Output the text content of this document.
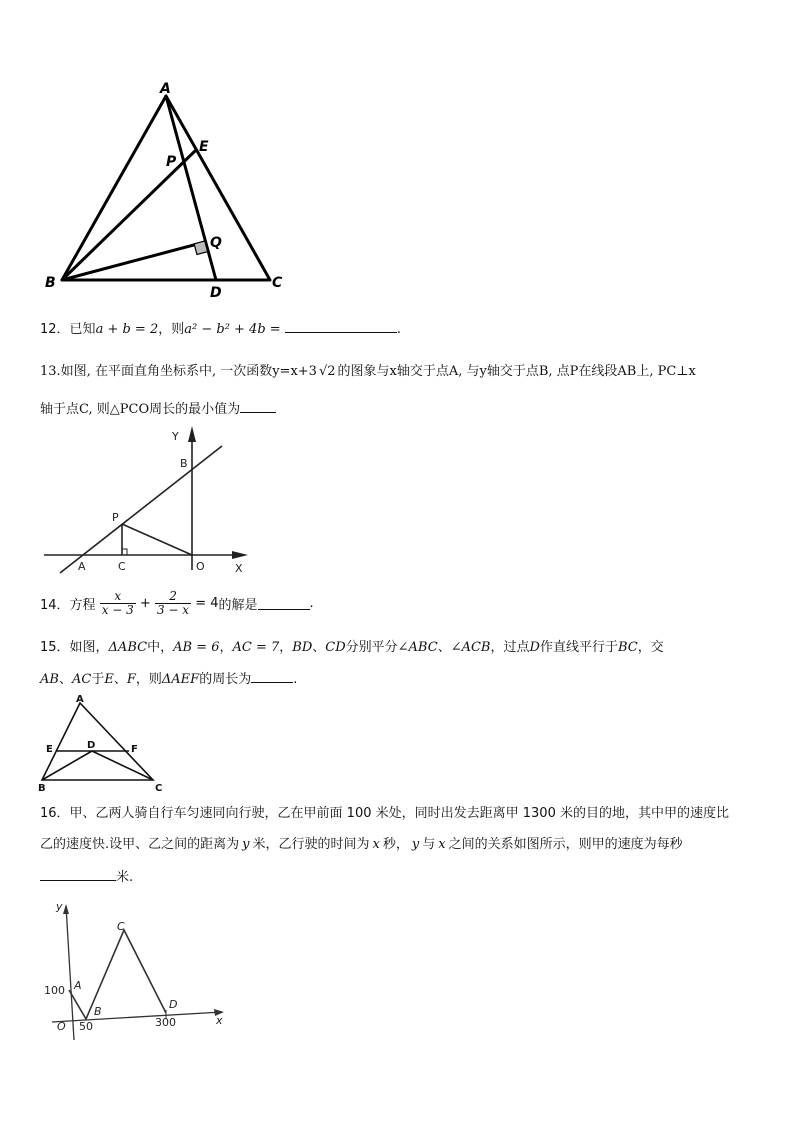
A
P
E
Q
B
D
C
12．已知a + b = 2，则a² − b² + 4b =	.
13.如图, 在平面直角坐标系中, 一次函数y=x+3 √2 的图象与x轴交于点A, 与y轴交于点B, 点P在线段AB上, PC⊥x
轴于点C, 则△PCO周长的最小值为
Y
B
P
A	C	O	X
14．方程 $\frac{x}{x - 3} + \frac{2}{3 - x} = 4$的解是	.
15．如图，ΔABC中，AB = 6，AC = 7，BD、CD分别平分∠ABC、∠ACB，过点D作直线平行于BC，交
AB、AC于E、F，则ΔAEF的周长为	.
A
E	D	F
B	C
16．甲、乙两人骑自行车匀速同向行驶，乙在甲前面 100 米处，同时出发去距离甲 1300 米的目的地，其中甲的速度比
乙的速度快.设甲、乙之间的距离为 y 米，乙行驶的时间为 x 秒， y 与 x 之间的关系如图所示，则甲的速度为每秒
米.
y
x
O
100
50	300
A
B
C
D
